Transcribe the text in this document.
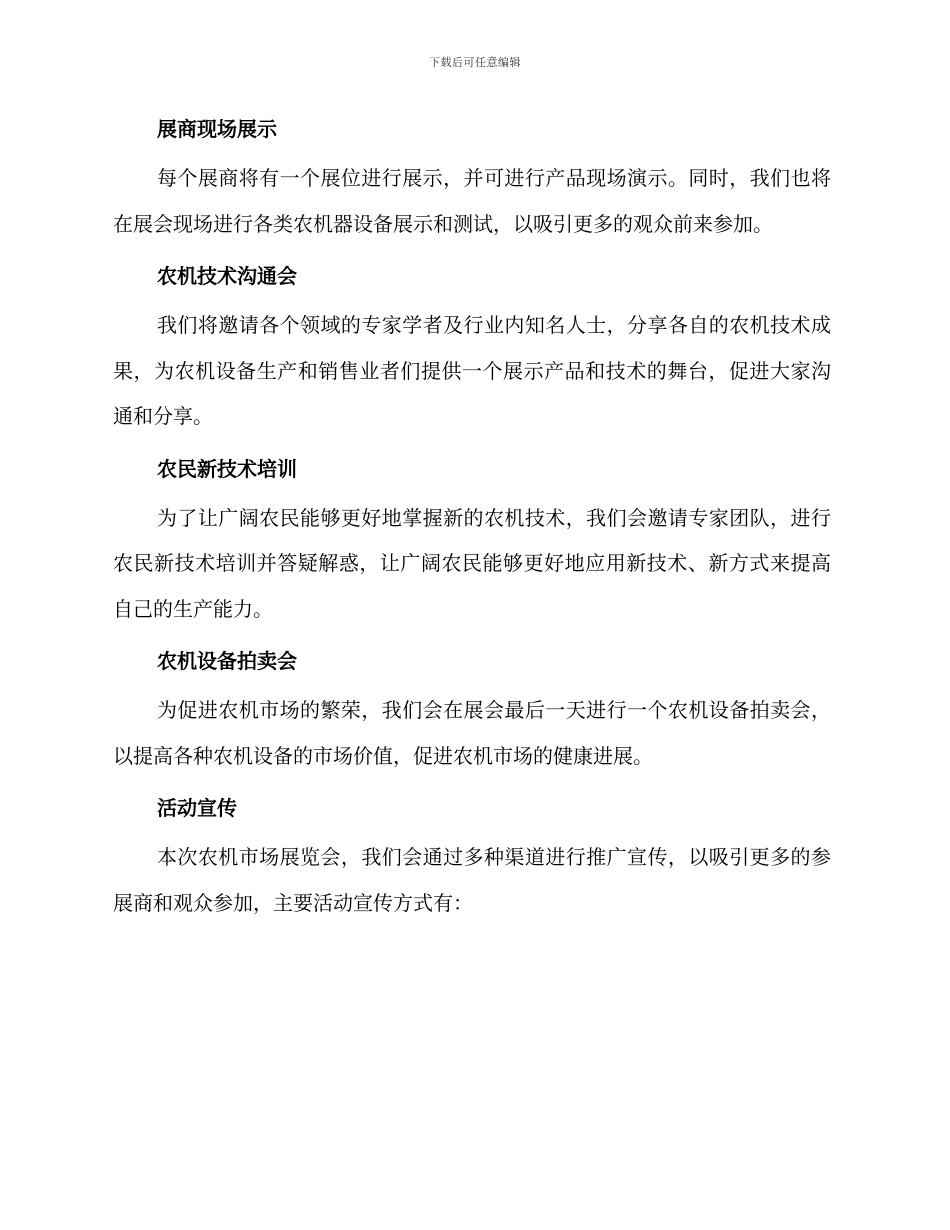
下载后可任意编辑
展商现场展示

每个展商将有一个展位进行展示，并可进行产品现场演示。同时，我们也将在展会现场进行各类农机器设备展示和测试，以吸引更多的观众前来参加。

农机技术沟通会

我们将邀请各个领域的专家学者及行业内知名人士，分享各自的农机技术成果，为农机设备生产和销售业者们提供一个展示产品和技术的舞台，促进大家沟通和分享。

农民新技术培训

为了让广阔农民能够更好地掌握新的农机技术，我们会邀请专家团队，进行农民新技术培训并答疑解惑，让广阔农民能够更好地应用新技术、新方式来提高自己的生产能力。

农机设备拍卖会

为促进农机市场的繁荣，我们会在展会最后一天进行一个农机设备拍卖会，以提高各种农机设备的市场价值，促进农机市场的健康进展。

活动宣传

本次农机市场展览会，我们会通过多种渠道进行推广宣传，以吸引更多的参展商和观众参加，主要活动宣传方式有：
